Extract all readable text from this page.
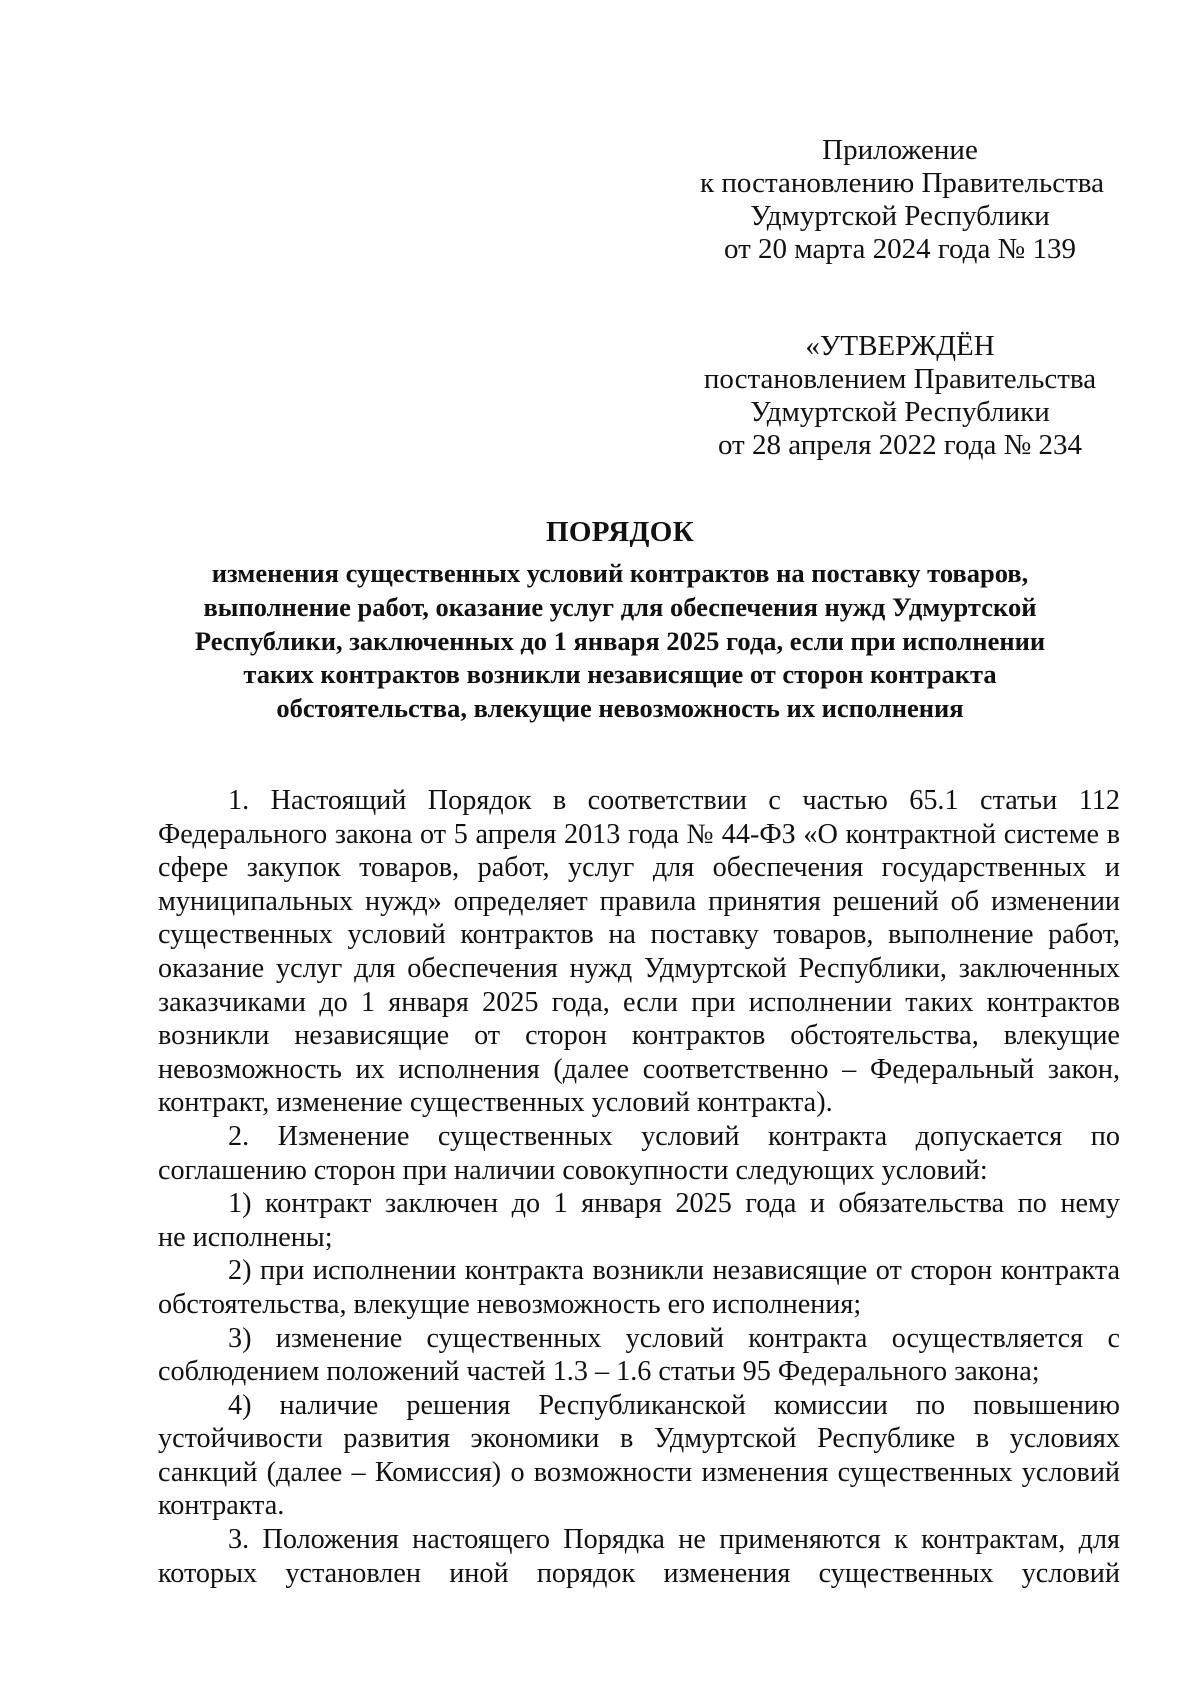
Приложение
к постановлению Правительства
Удмуртской Республики
от 20 марта 2024 года № 139
«УТВЕРЖДЁН
постановлением Правительства
Удмуртской Республики
от 28 апреля 2022 года № 234
ПОРЯДОК
изменения существенных условий контрактов на поставку товаров,
выполнение работ, оказание услуг для обеспечения нужд Удмуртской
Республики, заключенных до 1 января 2025 года, если при исполнении
таких контрактов возникли независящие от сторон контракта
обстоятельства, влекущие невозможность их исполнения
1. Настоящий Порядок в соответствии с частью 65.1 статьи 112
Федерального закона от 5 апреля 2013 года № 44-ФЗ «О контрактной системе в
сфере закупок товаров, работ, услуг для обеспечения государственных и
муниципальных нужд» определяет правила принятия решений об изменении
существенных условий контрактов на поставку товаров, выполнение работ,
оказание услуг для обеспечения нужд Удмуртской Республики, заключенных
заказчиками до 1 января 2025 года, если при исполнении таких контрактов
возникли независящие от сторон контрактов обстоятельства, влекущие
невозможность их исполнения (далее соответственно – Федеральный закон,
контракт, изменение существенных условий контракта).
2. Изменение существенных условий контракта допускается по
соглашению сторон при наличии совокупности следующих условий:
1) контракт заключен до 1 января 2025 года и обязательства по нему
не исполнены;
2) при исполнении контракта возникли независящие от сторон контракта
обстоятельства, влекущие невозможность его исполнения;
3) изменение существенных условий контракта осуществляется с
соблюдением положений частей 1.3 – 1.6 статьи 95 Федерального закона;
4) наличие решения Республиканской комиссии по повышению
устойчивости развития экономики в Удмуртской Республике в условиях
санкций (далее – Комиссия) о возможности изменения существенных условий
контракта.
3. Положения настоящего Порядка не применяются к контрактам, для
которых установлен иной порядок изменения существенных условий
